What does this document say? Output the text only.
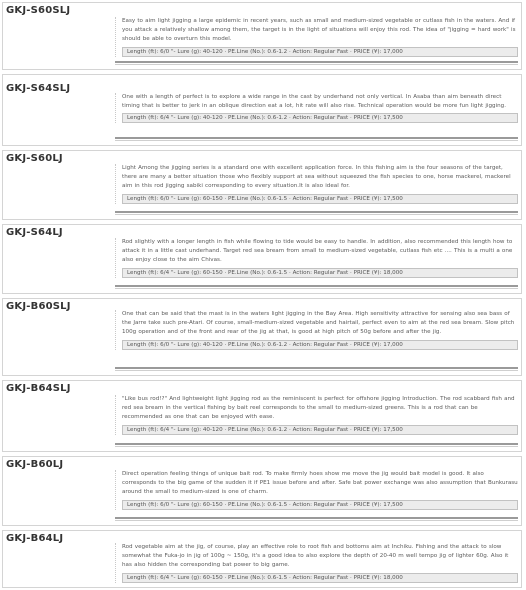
GKJ-S60SLJ

Easy to aim light jigging a large epidemic in recent years, such as small and medium-sized vegetable or cutlass fish in the waters. And if you attack a relatively shallow among them, the target is in the light of situations will enjoy this rod. The idea of "jigging = hard work" is should be able to overturn this model.

Length (ft): 6/0 "- Lure (g): 40-120 · PE.Line (No.): 0.6-1.2 · Action: Regular Fast · PRICE (¥): 17,000
GKJ-S64SLJ

One with a length of perfect is to explore a wide range in the cast by underhand not only vertical. In Asaba than aim beneath direct timing that is better to jerk in an oblique direction eat a lot, hit rate will also rise. Technical operation would be more fun light jigging.

Length (ft): 6/4 "- Lure (g): 40-120 · PE.Line (No.): 0.6-1.2 · Action: Regular Fast · PRICE (¥): 17,500
GKJ-S60LJ

Light Among the jigging series is a standard one with excellent application force. In this fishing aim is the four seasons of the target, there are many a better situation those who flexibly support at sea without squeezed the fish species to one, horse mackerel, mackerel aim in this rod jigging sabiki corresponding to every situation.It is also ideal for.

Length (ft): 6/0 "- Lure (g): 60-150 · PE.Line (No.): 0.6-1.5 · Action: Regular Fast · PRICE (¥): 17,500
GKJ-S64LJ

Rod slightly with a longer length in fish while flowing to tide would be easy to handle. In addition, also recommended this length how to attack it in a little cast underhand. Target red sea bream from small to medium-sized vegetable, cutlass fish etc .... This is a multi a one also enjoy close to the aim Chivas.

Length (ft): 6/4 "- Lure (g): 60-150 · PE.Line (No.): 0.6-1.5 · Action: Regular Fast · PRICE (¥): 18,000
GKJ-B60SLJ

One that can be said that the mast is in the waters light jigging in the Bay Area. High sensitivity attractive for sensing also sea bass of the Jarre take such pre-Atari. Of course, small-medium-sized vegetable and hairtail, perfect even to aim at the red sea bream. Slow pitch 100g operation and of the front and rear of the jig at that, is good at high pitch of 50g before and after the jig.

Length (ft): 6/0 "- Lure (g): 40-120 · PE.Line (No.): 0.6-1.2 · Action: Regular Fast · PRICE (¥): 17,000
GKJ-B64SLJ

"Like bus rod!?" And lightweight light jigging rod as the reminiscent is perfect for offshore jigging Introduction. The rod scabbard fish and red sea bream in the vertical fishing by bait reel corresponds to the small to medium-sized greens. This is a rod that can be recommended as one that can be enjoyed with ease.

Length (ft): 6/4 "- Lure (g): 40-120 · PE.Line (No.): 0.6-1.2 · Action: Regular Fast · PRICE (¥): 17,500
GKJ-B60LJ

Direct operation feeling things of unique bait rod. To make firmly hoes show me move the jig would bait model is good. It also corresponds to the big game of the sudden it if PE1 issue before and after. Safe bat power exchange was also assumption that Bunkurasu around the small to medium-sized is one of charm.

Length (ft): 6/0 "- Lure (g): 60-150 · PE.Line (No.): 0.6-1.5 · Action: Regular Fast · PRICE (¥): 17,500
GKJ-B64LJ

Rod vegetable aim at the jig, of course, play an effective role to root fish and bottoms aim at Inchiku. Fishing and the attack to slow somewhat the Fuka-jo in jig of 100g ~ 150g, it's a good idea to also explore the depth of 20-40 m well tempo jig of lighter 60g. Also it has also hidden the corresponding bat power to big game.

Length (ft): 6/4 "- Lure (g): 60-150 · PE.Line (No.): 0.6-1.5 · Action: Regular Fast · PRICE (¥): 18,000
